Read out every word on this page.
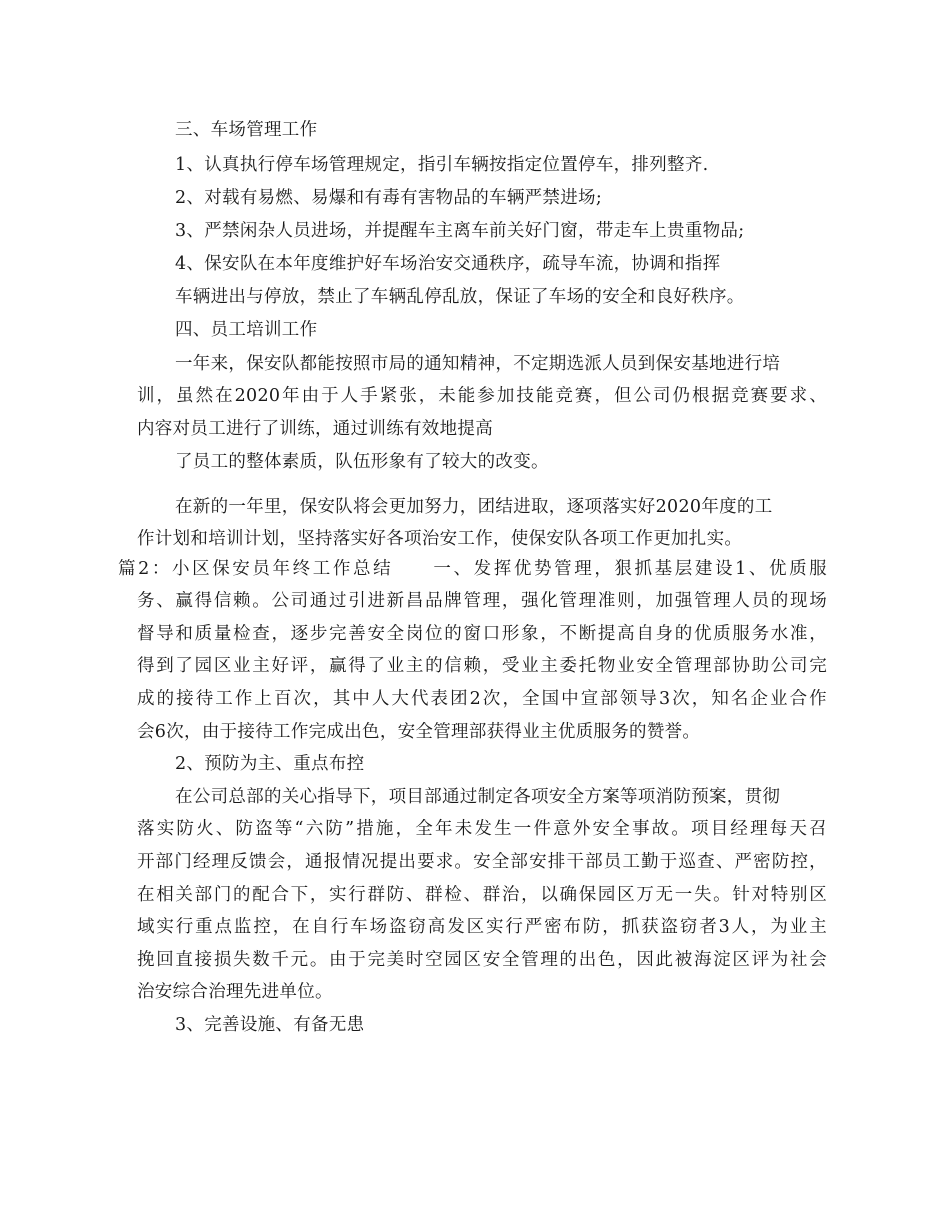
三、车场管理工作
1、认真执行停车场管理规定，指引车辆按指定位置停车，排列整齐.
2、对载有易燃、易爆和有毒有害物品的车辆严禁进场;
3、严禁闲杂人员进场，并提醒车主离车前关好门窗，带走车上贵重物品;
4、保安队在本年度维护好车场治安交通秩序，疏导车流，协调和指挥
车辆进出与停放，禁止了车辆乱停乱放，保证了车场的安全和良好秩序。
四、员工培训工作
一年来，保安队都能按照市局的通知精神，不定期选派人员到保安基地进行培
训，虽然在2020年由于人手紧张，未能参加技能竞赛，但公司仍根据竞赛要求、
内容对员工进行了训练，通过训练有效地提高
了员工的整体素质，队伍形象有了较大的改变。
在新的一年里，保安队将会更加努力，团结进取，逐项落实好2020年度的工
作计划和培训计划，坚持落实好各项治安工作，使保安队各项工作更加扎实。
篇2：小区保安员年终工作总结　　一、发挥优势管理，狠抓基层建设1、优质服
务、赢得信赖。公司通过引进新昌品牌管理，强化管理准则，加强管理人员的现场
督导和质量检查，逐步完善安全岗位的窗口形象，不断提高自身的优质服务水准，
得到了园区业主好评，赢得了业主的信赖，受业主委托物业安全管理部协助公司完
成的接待工作上百次，其中人大代表团2次，全国中宣部领导3次，知名企业合作
会6次，由于接待工作完成出色，安全管理部获得业主优质服务的赞誉。
2、预防为主、重点布控
在公司总部的关心指导下，项目部通过制定各项安全方案等项消防预案，贯彻
落实防火、防盗等“六防”措施，全年未发生一件意外安全事故。项目经理每天召
开部门经理反馈会，通报情况提出要求。安全部安排干部员工勤于巡查、严密防控，
在相关部门的配合下，实行群防、群检、群治，以确保园区万无一失。针对特别区
域实行重点监控，在自行车场盗窃高发区实行严密布防，抓获盗窃者3人，为业主
挽回直接损失数千元。由于完美时空园区安全管理的出色，因此被海淀区评为社会
治安综合治理先进单位。
3、完善设施、有备无患
